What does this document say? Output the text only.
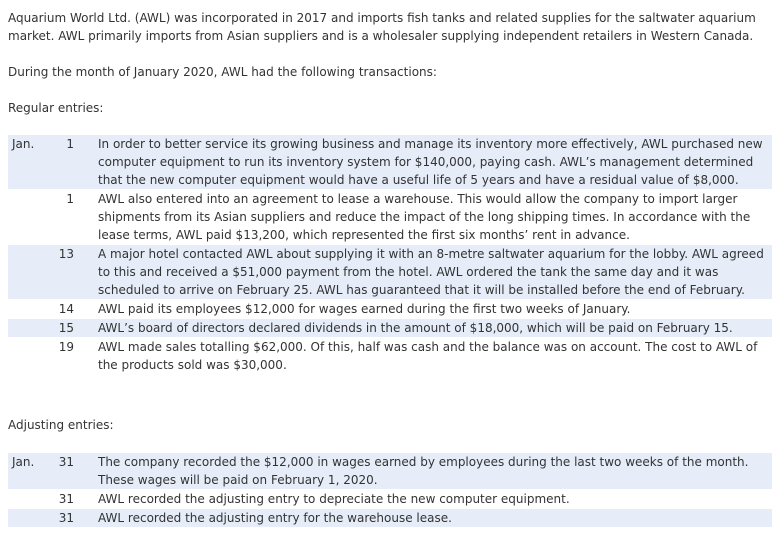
Aquarium World Ltd. (AWL) was incorporated in 2017 and imports fish tanks and related supplies for the saltwater aquarium market. AWL primarily imports from Asian suppliers and is a wholesaler supplying independent retailers in Western Canada.

During the month of January 2020, AWL had the following transactions:

Regular entries:

Jan.	1	In order to better service its growing business and manage its inventory more effectively, AWL purchased new computer equipment to run its inventory system for $140,000, paying cash. AWL’s management determined that the new computer equipment would have a useful life of 5 years and have a residual value of $8,000.
	1	AWL also entered into an agreement to lease a warehouse. This would allow the company to import larger shipments from its Asian suppliers and reduce the impact of the long shipping times. In accordance with the lease terms, AWL paid $13,200, which represented the first six months’ rent in advance.
	13	A major hotel contacted AWL about supplying it with an 8-metre saltwater aquarium for the lobby. AWL agreed to this and received a $51,000 payment from the hotel. AWL ordered the tank the same day and it was scheduled to arrive on February 25. AWL has guaranteed that it will be installed before the end of February.
	14	AWL paid its employees $12,000 for wages earned during the first two weeks of January.
	15	AWL’s board of directors declared dividends in the amount of $18,000, which will be paid on February 15.
	19	AWL made sales totalling $62,000. Of this, half was cash and the balance was on account. The cost to AWL of the products sold was $30,000.

Adjusting entries:

Jan.	31	The company recorded the $12,000 in wages earned by employees during the last two weeks of the month. These wages will be paid on February 1, 2020.
	31	AWL recorded the adjusting entry to depreciate the new computer equipment.
	31	AWL recorded the adjusting entry for the warehouse lease.
